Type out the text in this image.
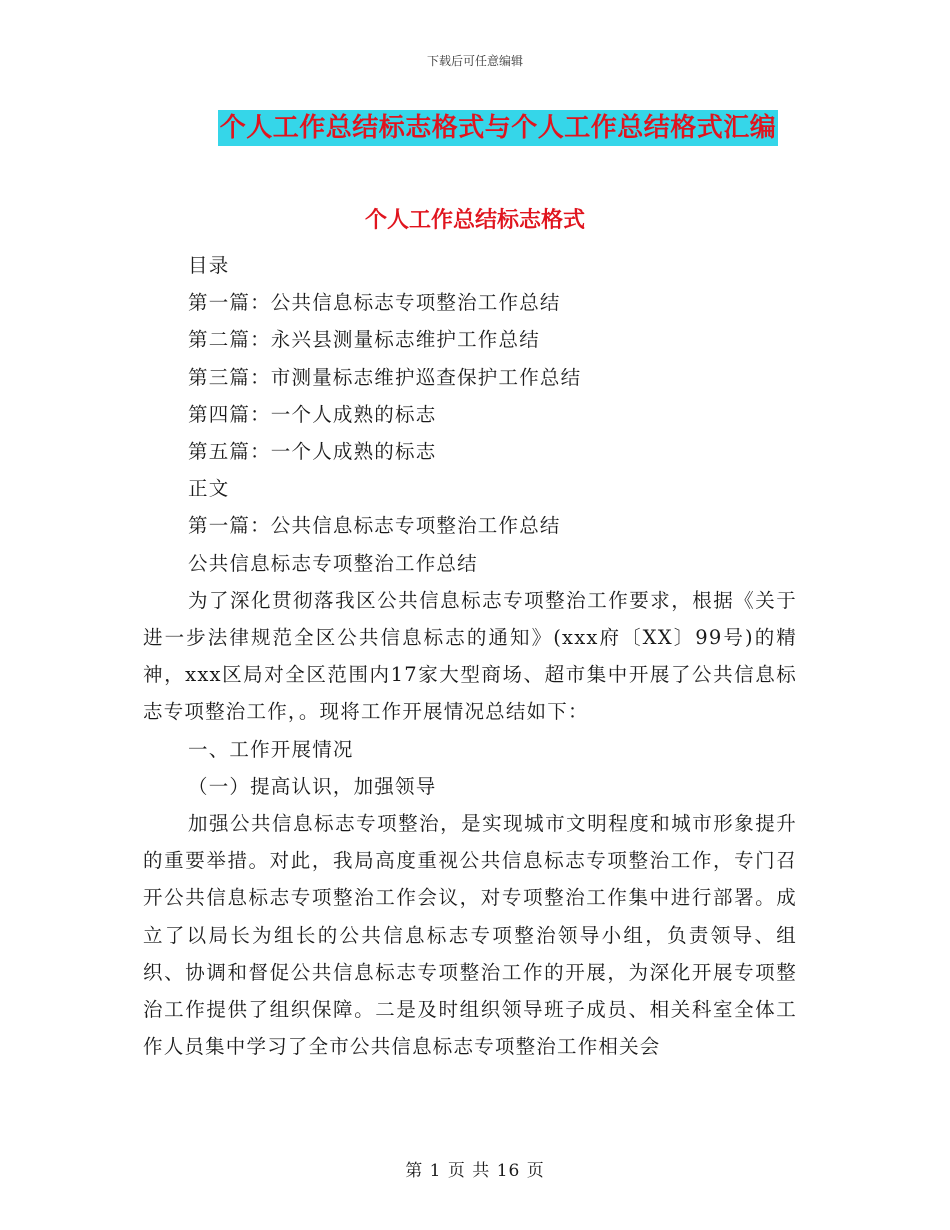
下载后可任意编辑
个人工作总结标志格式与个人工作总结格式汇编
个人工作总结标志格式
目录
第一篇：公共信息标志专项整治工作总结
第二篇：永兴县测量标志维护工作总结
第三篇：市测量标志维护巡查保护工作总结
第四篇：一个人成熟的标志
第五篇：一个人成熟的标志
正文
第一篇：公共信息标志专项整治工作总结
公共信息标志专项整治工作总结
为了深化贯彻落我区公共信息标志专项整治工作要求，根据《关于进一步法律规范全区公共信息标志的通知》(xxx府〔XX〕99号)的精神，xxx区局对全区范围内17家大型商场、超市集中开展了公共信息标志专项整治工作，。现将工作开展情况总结如下：
一、工作开展情况
（一）提高认识，加强领导
加强公共信息标志专项整治，是实现城市文明程度和城市形象提升的重要举措。对此，我局高度重视公共信息标志专项整治工作，专门召开公共信息标志专项整治工作会议，对专项整治工作集中进行部署。成立了以局长为组长的公共信息标志专项整治领导小组，负责领导、组织、协调和督促公共信息标志专项整治工作的开展，为深化开展专项整治工作提供了组织保障。二是及时组织领导班子成员、相关科室全体工作人员集中学习了全市公共信息标志专项整治工作相关会
第 1 页 共 16 页
